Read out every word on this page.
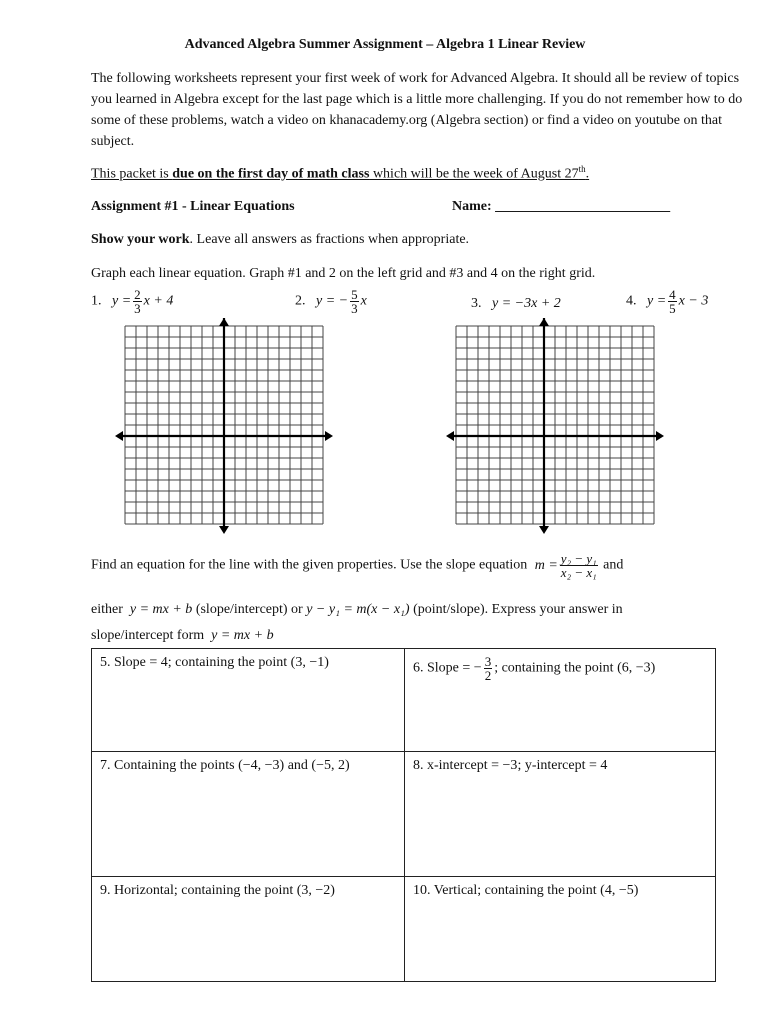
Advanced Algebra Summer Assignment – Algebra 1 Linear Review
The following worksheets represent your first week of work for Advanced Algebra. It should all be review of topics you learned in Algebra except for the last page which is a little more challenging. If you do not remember how to do some of these problems, watch a video on khanacademy.org (Algebra section) or find a video on youtube on that subject.
This packet is due on the first day of math class which will be the week of August 27th.
Assignment #1 - Linear Equations	Name: _________________________
Show your work. Leave all answers as fractions when appropriate.
Graph each linear equation. Graph #1 and 2 on the left grid and #3 and 4 on the right grid.
1. $y = \frac{2}{3}$ x + 4	2. y = − $\frac{5}{3}$ x	3. y = −3x + 2	4. $y = \frac{4}{5}$ x − 3
Find an equation for the line with the given properties. Use the slope equation $m = \frac{\text{y₂ − y₁}}{\text{x₂ − x₁}}$ and
either y = mx + b (slope/intercept) or y − y₁ = m(x − x₁) (point/slope). Express your answer in
slope/intercept form y = mx + b
5. Slope = 4; containing the point (3, −1)	6. Slope = − $\frac{3}{2}$ ; containing the point (6, −3)
7. Containing the points (−4, −3) and (−5, 2)	8. x-intercept = −3; y-intercept = 4
9. Horizontal; containing the point (3, −2)	10. Vertical; containing the point (4, −5)
